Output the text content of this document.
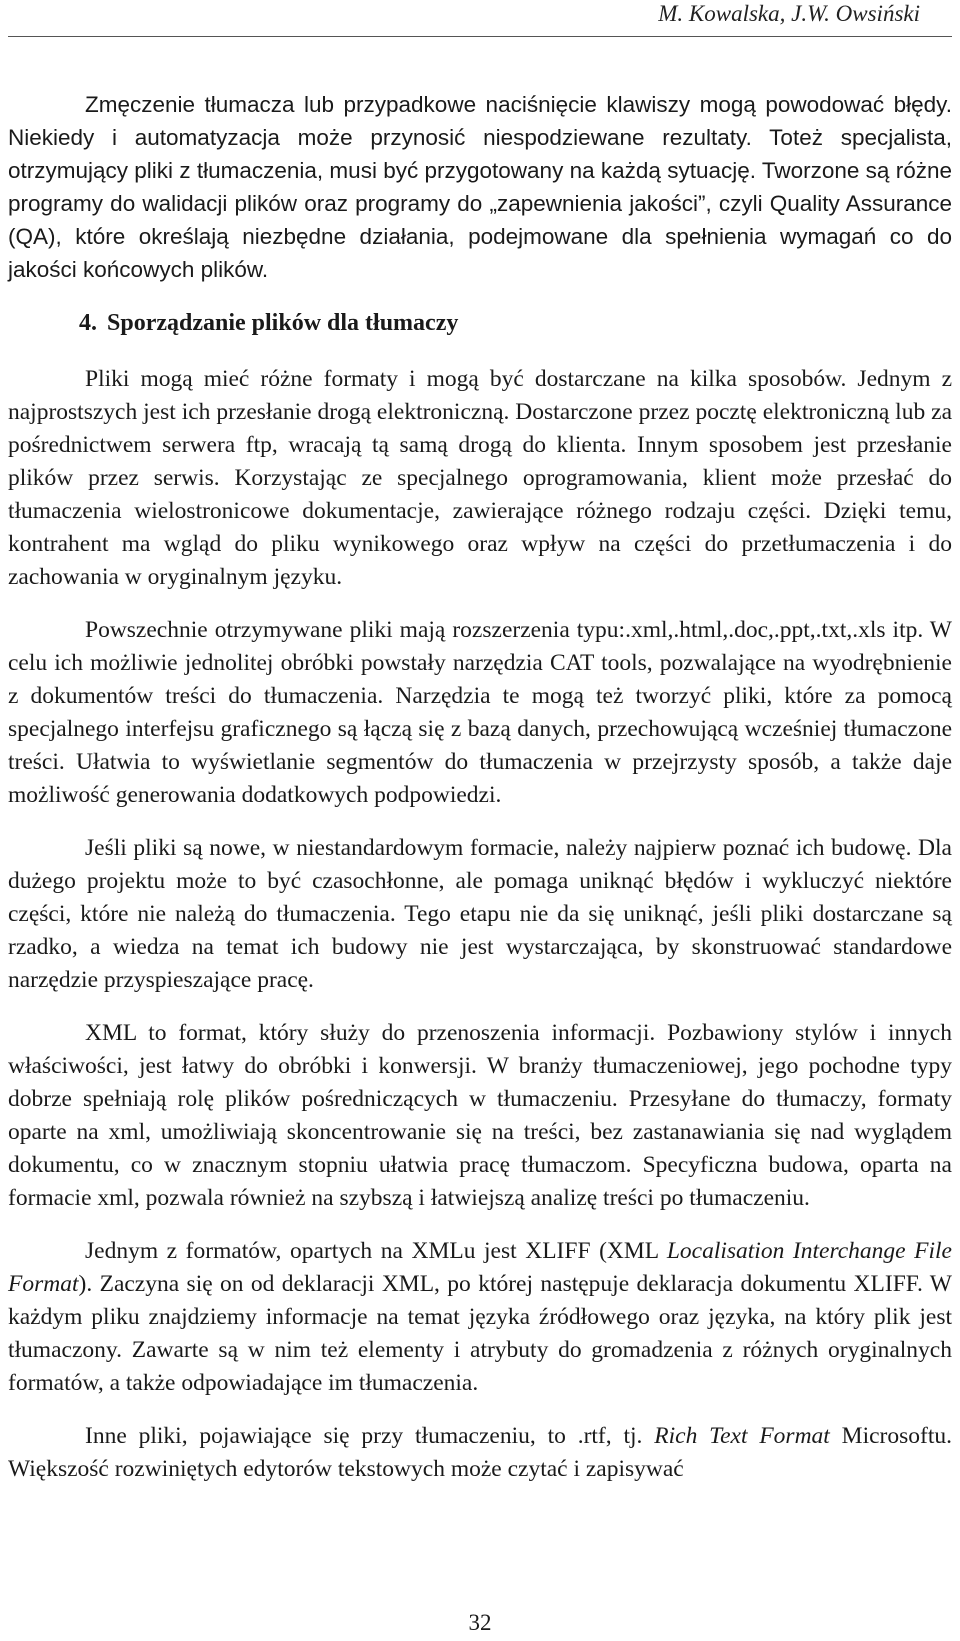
M. Kowalska, J.W. Owsiński

Zmęczenie tłumacza lub przypadkowe naciśnięcie klawiszy mogą powodować błędy. Niekiedy i automatyzacja może przynosić niespodziewane rezultaty. Toteż specjalista, otrzymujący pliki z tłumaczenia, musi być przygotowany na każdą sytuację. Tworzone są różne programy do walidacji plików oraz programy do „zapewnienia jakości”, czyli Quality Assurance (QA), które określają niezbędne działania, podejmowane dla spełnienia wymagań co do jakości końcowych plików.

4. Sporządzanie plików dla tłumaczy

Pliki mogą mieć różne formaty i mogą być dostarczane na kilka sposobów. Jednym z najprostszych jest ich przesłanie drogą elektroniczną. Dostarczone przez pocztę elektroniczną lub za pośrednictwem serwera ftp, wracają tą samą drogą do klienta. Innym sposobem jest przesłanie plików przez serwis. Korzystając ze specjalnego oprogramowania, klient może przesłać do tłumaczenia wielostronicowe dokumentacje, zawierające różnego rodzaju części. Dzięki temu, kontrahent ma wgląd do pliku wynikowego oraz wpływ na części do przetłumaczenia i do zachowania w oryginalnym języku.

Powszechnie otrzymywane pliki mają rozszerzenia typu:.xml,.html,.doc,.ppt,.txt,.xls itp. W celu ich możliwie jednolitej obróbki powstały narzędzia CAT tools, pozwalające na wyodrębnienie z dokumentów treści do tłumaczenia. Narzędzia te mogą też tworzyć pliki, które za pomocą specjalnego interfejsu graficznego są łączą się z bazą danych, przechowującą wcześniej tłumaczone treści. Ułatwia to wyświetlanie segmentów do tłumaczenia w przejrzysty sposób, a także daje możliwość generowania dodatkowych podpowiedzi.

Jeśli pliki są nowe, w niestandardowym formacie, należy najpierw poznać ich budowę. Dla dużego projektu może to być czasochłonne, ale pomaga uniknąć błędów i wykluczyć niektóre części, które nie należą do tłumaczenia. Tego etapu nie da się uniknąć, jeśli pliki dostarczane są rzadko, a wiedza na temat ich budowy nie jest wystarczająca, by skonstruować standardowe narzędzie przyspieszające pracę.

XML to format, który służy do przenoszenia informacji. Pozbawiony stylów i innych właściwości, jest łatwy do obróbki i konwersji. W branży tłumaczeniowej, jego pochodne typy dobrze spełniają rolę plików pośredniczących w tłumaczeniu. Przesyłane do tłumaczy, formaty oparte na xml, umożliwiają skoncentrowanie się na treści, bez zastanawiania się nad wyglądem dokumentu, co w znacznym stopniu ułatwia pracę tłumaczom. Specyficzna budowa, oparta na formacie xml, pozwala również na szybszą i łatwiejszą analizę treści po tłumaczeniu.

Jednym z formatów, opartych na XMLu jest XLIFF (XML Localisation Interchange File Format). Zaczyna się on od deklaracji XML, po której następuje deklaracja dokumentu XLIFF. W każdym pliku znajdziemy informacje na temat języka źródłowego oraz języka, na który plik jest tłumaczony. Zawarte są w nim też elementy i atrybuty do gromadzenia z różnych oryginalnych formatów, a także odpowiadające im tłumaczenia.

Inne pliki, pojawiające się przy tłumaczeniu, to .rtf, tj. Rich Text Format Microsoftu. Większość rozwiniętych edytorów tekstowych może czytać i zapisywać

32
